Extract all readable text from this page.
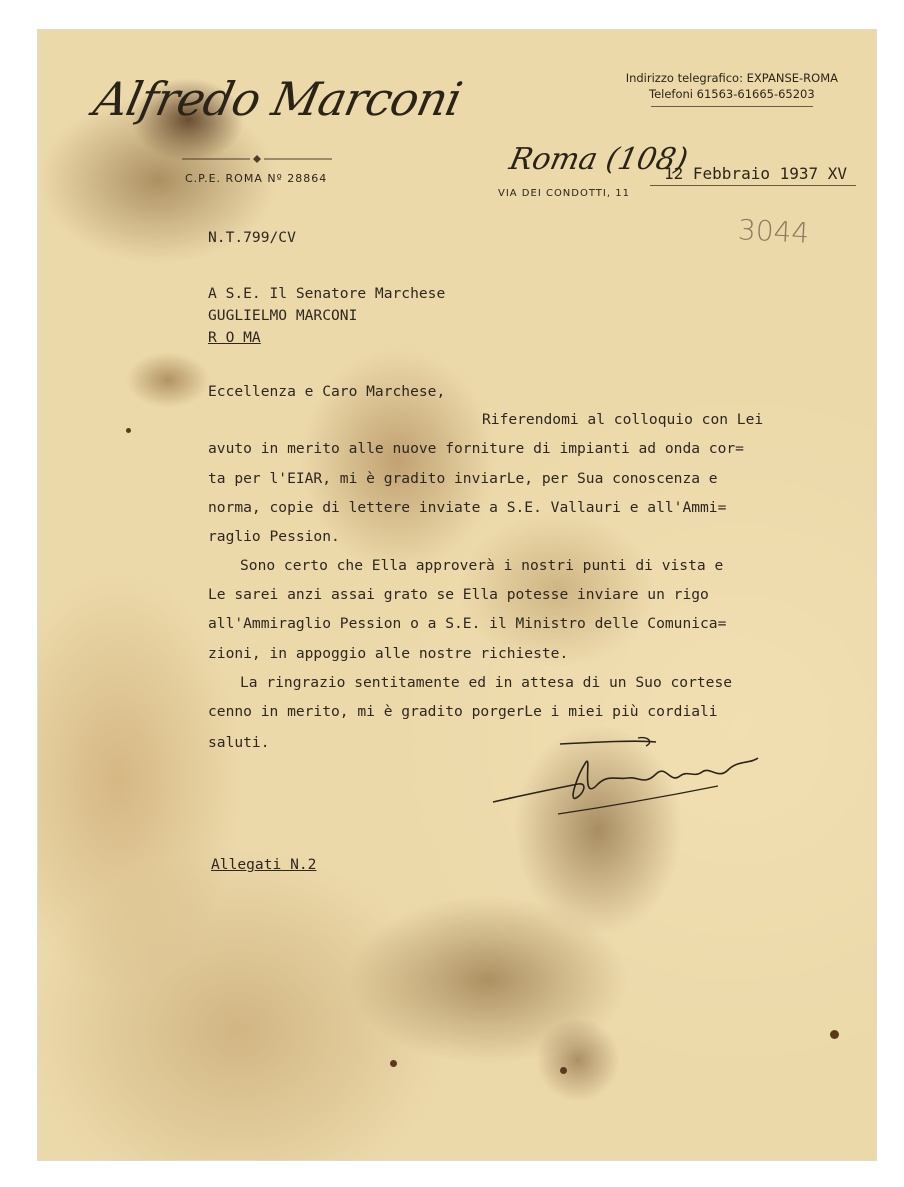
Alfredo Marconi	Indirizzo telegrafico: EXPANSE-ROMA
Telefoni 61563-61665-65203
C.P.E. ROMA Nº 28864
Roma (108)
12 Febbraio 1937 XV
VIA DEI CONDOTTI, 11
3044
N.T.799/CV
A S.E. Il Senatore Marchese
GUGLIELMO MARCONI
R O MA
Eccellenza e Caro Marchese,
Riferendomi al colloquio con Lei
avuto in merito alle nuove forniture di impianti ad onda cor=
ta per l'EIAR, mi è gradito inviarLe, per Sua conoscenza e
norma, copie di lettere inviate a S.E. Vallauri e all'Ammi=
raglio Pession.
Sono certo che Ella approverà i nostri punti di vista e
Le sarei anzi assai grato se Ella potesse inviare un rigo
all'Ammiraglio Pession o a S.E. il Ministro delle Comunica=
zioni, in appoggio alle nostre richieste.
La ringrazio sentitamente ed in attesa di un Suo cortese
cenno in merito, mi è gradito porgerLe i miei più cordiali
saluti.
Allegati N.2
